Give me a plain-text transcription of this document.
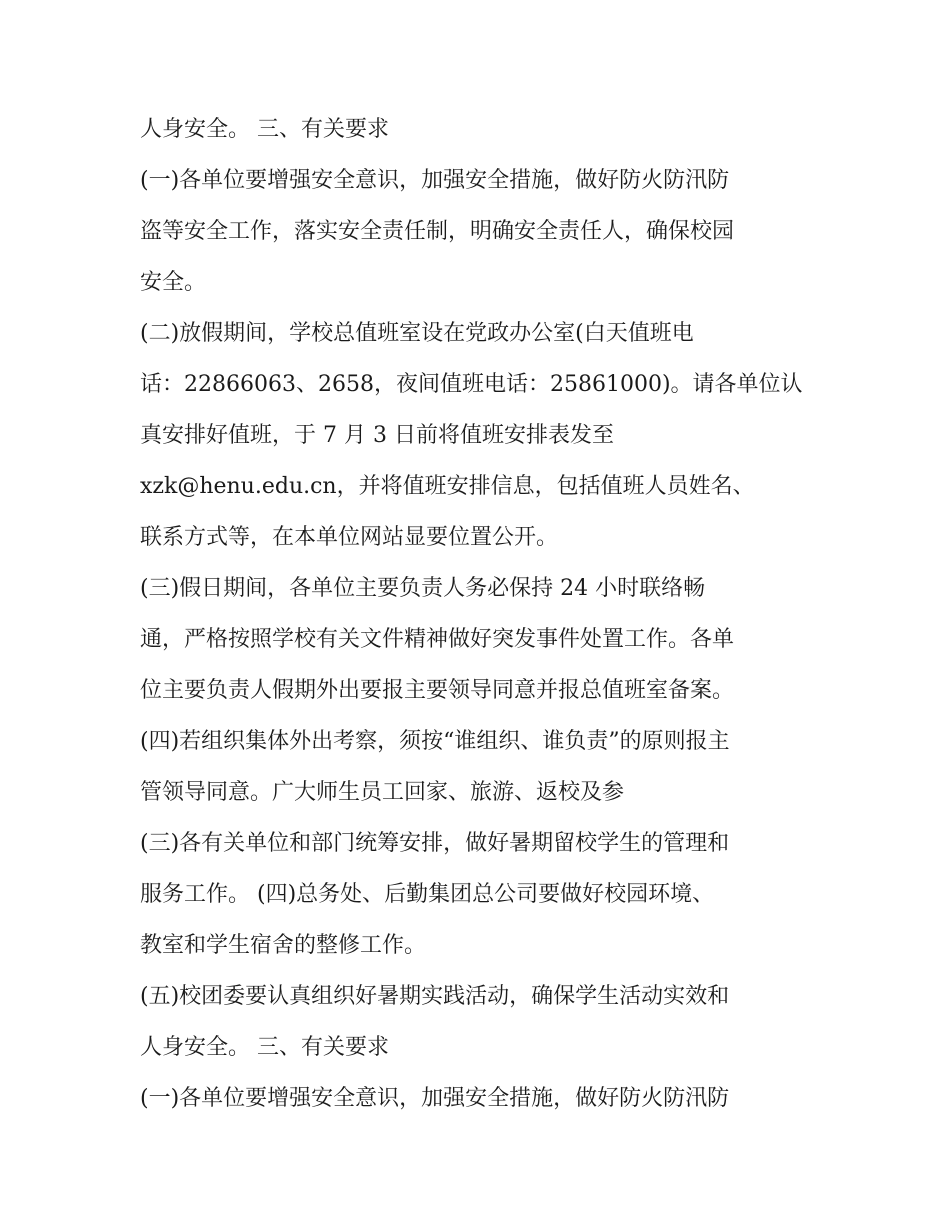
人身安全。 三、有关要求
(一)各单位要增强安全意识，加强安全措施，做好防火防汛防
盗等安全工作，落实安全责任制，明确安全责任人，确保校园
安全。
(二)放假期间，学校总值班室设在党政办公室(白天值班电
话：22866063、2658，夜间值班电话：25861000)。请各单位认
真安排好值班，于 7 月 3 日前将值班安排表发至
xzk@henu.edu.cn，并将值班安排信息，包括值班人员姓名、
联系方式等，在本单位网站显要位置公开。
(三)假日期间，各单位主要负责人务必保持 24 小时联络畅
通，严格按照学校有关文件精神做好突发事件处置工作。各单
位主要负责人假期外出要报主要领导同意并报总值班室备案。
(四)若组织集体外出考察，须按“谁组织、谁负责”的原则报主
管领导同意。广大师生员工回家、旅游、返校及参
(三)各有关单位和部门统筹安排，做好暑期留校学生的管理和
服务工作。 (四)总务处、后勤集团总公司要做好校园环境、
教室和学生宿舍的整修工作。
(五)校团委要认真组织好暑期实践活动，确保学生活动实效和
人身安全。 三、有关要求
(一)各单位要增强安全意识，加强安全措施，做好防火防汛防
